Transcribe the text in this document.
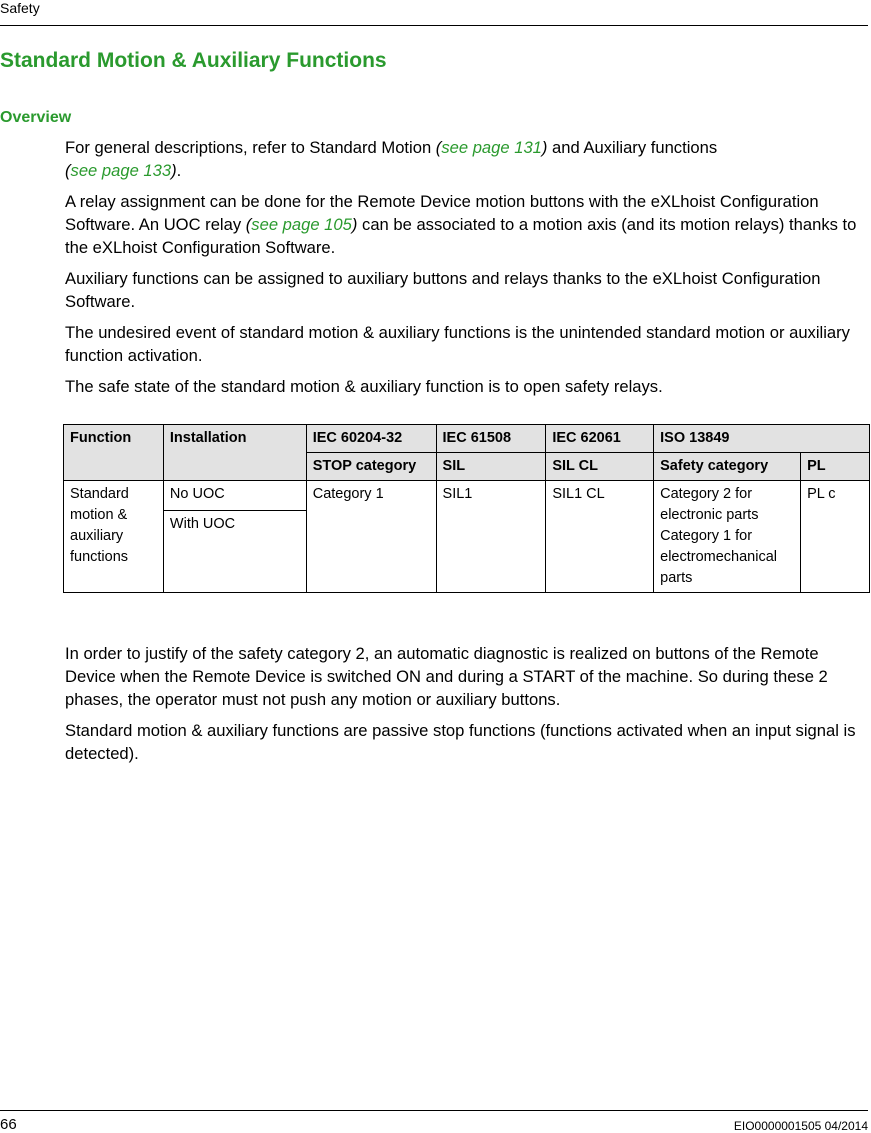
Safety
Standard Motion & Auxiliary Functions
Overview

For general descriptions, refer to Standard Motion (see page 131) and Auxiliary functions
(see page 133).

A relay assignment can be done for the Remote Device motion buttons with the eXLhoist Configuration Software. An UOC relay (see page 105) can be associated to a motion axis (and its motion relays) thanks to the eXLhoist Configuration Software.

Auxiliary functions can be assigned to auxiliary buttons and relays thanks to the eXLhoist Configuration Software.

The undesired event of standard motion & auxiliary functions is the unintended standard motion or auxiliary function activation.

The safe state of the standard motion & auxiliary function is to open safety relays.

Function	Installation	IEC 60204-32	IEC 61508	IEC 62061	ISO 13849	
		STOP category	SIL	SIL CL	Safety category	PL
Standard motion & auxiliary functions	No UOC	Category 1	SIL1	SIL1 CL	Category 2 for electronic parts Category 1 for electromechanical parts	PL c
	With UOC					

In order to justify of the safety category 2, an automatic diagnostic is realized on buttons of the Remote Device when the Remote Device is switched ON and during a START of the machine. So during these 2 phases, the operator must not push any motion or auxiliary buttons.

Standard motion & auxiliary functions are passive stop functions (functions activated when an input signal is detected).

66	EIO0000001505 04/2014
